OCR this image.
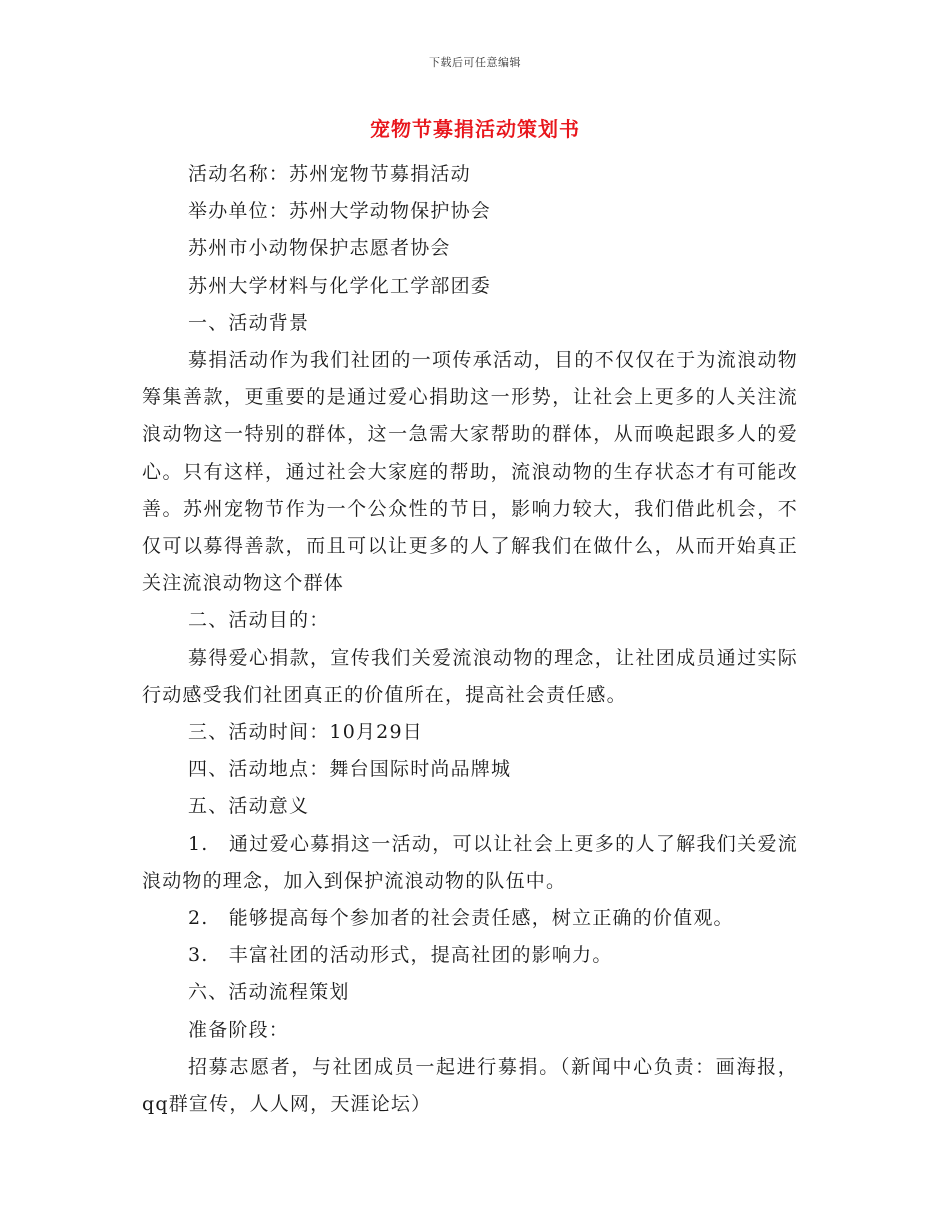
下载后可任意编辑
宠物节募捐活动策划书

活动名称：苏州宠物节募捐活动

举办单位：苏州大学动物保护协会

苏州市小动物保护志愿者协会

苏州大学材料与化学化工学部团委

一、活动背景

募捐活动作为我们社团的一项传承活动，目的不仅仅在于为流浪动物筹集善款，更重要的是通过爱心捐助这一形势，让社会上更多的人关注流浪动物这一特别的群体，这一急需大家帮助的群体，从而唤起跟多人的爱心。只有这样，通过社会大家庭的帮助，流浪动物的生存状态才有可能改善。苏州宠物节作为一个公众性的节日，影响力较大，我们借此机会，不仅可以募得善款，而且可以让更多的人了解我们在做什么，从而开始真正关注流浪动物这个群体

二、活动目的：

募得爱心捐款，宣传我们关爱流浪动物的理念，让社团成员通过实际行动感受我们社团真正的价值所在，提高社会责任感。

三、活动时间：10月29日

四、活动地点：舞台国际时尚品牌城

五、活动意义

1.　通过爱心募捐这一活动，可以让社会上更多的人了解我们关爱流浪动物的理念，加入到保护流浪动物的队伍中。

2.　能够提高每个参加者的社会责任感，树立正确的价值观。

3.　丰富社团的活动形式，提高社团的影响力。

六、活动流程策划

准备阶段：

招募志愿者，与社团成员一起进行募捐。（新闻中心负责：画海报，qq群宣传，人人网，天涯论坛）
